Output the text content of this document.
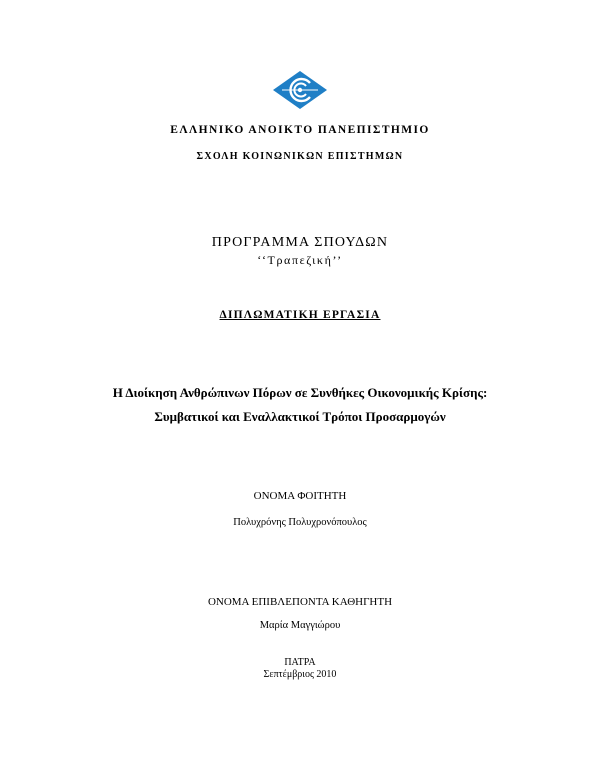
ΕΛΛΗΝΙΚΟ ΑΝΟΙΚΤΟ ΠΑΝΕΠΙΣΤΗΜΙΟ
ΣΧΟΛΗ ΚΟΙΝΩΝΙΚΩΝ ΕΠΙΣΤΗΜΩΝ
ΠΡΟΓΡΑΜΜΑ ΣΠΟΥΔΩΝ
‘‘Τραπεζική’’
ΔΙΠΛΩΜΑΤΙΚΗ ΕΡΓΑΣΙΑ
Η Διοίκηση Ανθρώπινων Πόρων σε Συνθήκες Οικονομικής Κρίσης:
Συμβατικοί και Εναλλακτικοί Τρόποι Προσαρμογών
ΟΝΟΜΑ ΦΟΙΤΗΤΗ
Πολυχρόνης Πολυχρονόπουλος
ΟΝΟΜΑ ΕΠΙΒΛΕΠΟΝΤΑ ΚΑΘΗΓΗΤΗ
Μαρία Μαγγιώρου
ΠΑΤΡΑ
Σεπτέμβριος 2010
